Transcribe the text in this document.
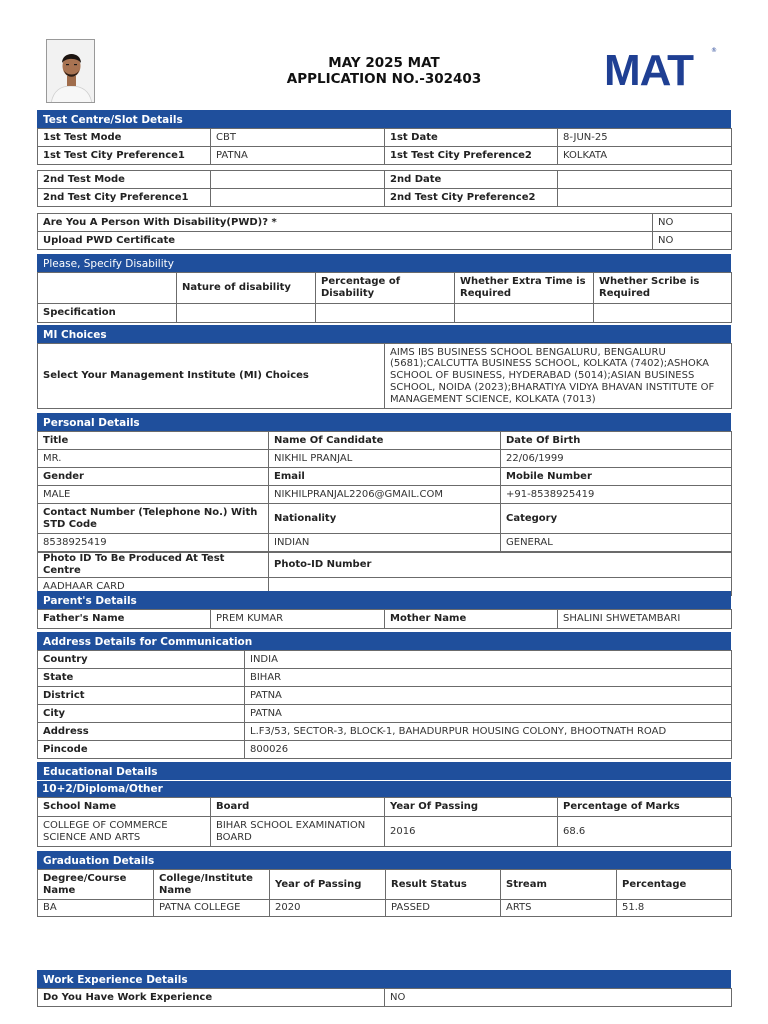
MAY 2025 MAT
APPLICATION NO.-302403	MAT	®
Test Centre/Slot Details
1st Test Mode	CBT	1st Date	8-JUN-25
1st Test City Preference1	PATNA	1st Test City Preference2	KOLKATA
2nd Test Mode		2nd Date	
2nd Test City Preference1		2nd Test City Preference2	
Are You A Person With Disability(PWD)? *	NO
Upload PWD Certificate	NO
Please, Specify Disability
	Nature of disability	Percentage of Disability	Whether Extra Time is Required	Whether Scribe is Required
Specification				
MI Choices
Select Your Management Institute (MI) Choices	AIMS IBS BUSINESS SCHOOL BENGALURU, BENGALURU (5681);CALCUTTA BUSINESS SCHOOL, KOLKATA (7402);ASHOKA SCHOOL OF BUSINESS, HYDERABAD (5014);ASIAN BUSINESS SCHOOL, NOIDA (2023);BHARATIYA VIDYA BHAVAN INSTITUTE OF MANAGEMENT SCIENCE, KOLKATA (7013)
Personal Details
Title	Name Of Candidate	Date Of Birth
MR.	NIKHIL PRANJAL	22/06/1999
Gender	Email	Mobile Number
MALE	NIKHILPRANJAL2206@GMAIL.COM	+91-8538925419
Contact Number (Telephone No.) With STD Code	Nationality	Category
8538925419	INDIAN	GENERAL
Photo ID To Be Produced At Test Centre	Photo-ID Number
AADHAAR CARD	
Parent's Details
Father's Name	PREM KUMAR	Mother Name	SHALINI SHWETAMBARI
Address Details for Communication
Country	INDIA
State	BIHAR
District	PATNA
City	PATNA
Address	L.F3/53, SECTOR-3, BLOCK-1, BAHADURPUR HOUSING COLONY, BHOOTNATH ROAD
Pincode	800026
Educational Details
10+2/Diploma/Other
School Name	Board	Year Of Passing	Percentage of Marks
COLLEGE OF COMMERCE SCIENCE AND ARTS	BIHAR SCHOOL EXAMINATION BOARD	2016	68.6
Graduation Details
Degree/Course Name	College/Institute Name	Year of Passing	Result Status	Stream	Percentage
BA	PATNA COLLEGE	2020	PASSED	ARTS	51.8
Work Experience Details
Do You Have Work Experience	NO
